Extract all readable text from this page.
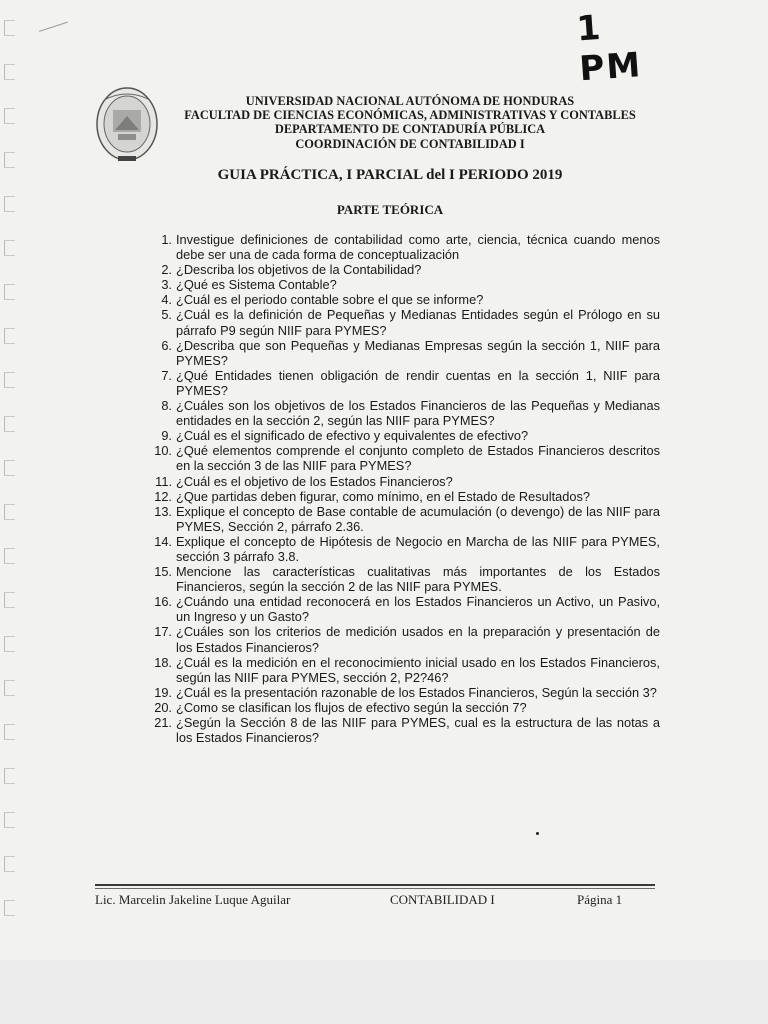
1 PM
UNIVERSIDAD NACIONAL AUTÓNOMA DE HONDURAS
FACULTAD DE CIENCIAS ECONÓMICAS, ADMINISTRATIVAS Y CONTABLES
DEPARTAMENTO DE CONTADURÍA PÚBLICA
COORDINACIÓN DE CONTABILIDAD I
GUIA PRÁCTICA, I PARCIAL del I PERIODO 2019
PARTE TEÓRICA
1. Investigue definiciones de contabilidad como arte, ciencia, técnica cuando menos debe ser una de cada forma de conceptualización
2. ¿Describa los objetivos de la Contabilidad?
3. ¿Qué es Sistema Contable?
4. ¿Cuál es el periodo contable sobre el que se informe?
5. ¿Cuál es la definición de Pequeñas y Medianas Entidades según el Prólogo en su párrafo P9 según NIIF para PYMES?
6. ¿Describa que son Pequeñas y Medianas Empresas según la sección 1, NIIF para PYMES?
7. ¿Qué Entidades tienen obligación de rendir cuentas en la sección 1, NIIF para PYMES?
8. ¿Cuáles son los objetivos de los Estados Financieros de las Pequeñas y Medianas entidades en la sección 2, según las NIIF para PYMES?
9. ¿Cuál es el significado de efectivo y equivalentes de efectivo?
10. ¿Qué elementos comprende el conjunto completo de Estados Financieros descritos en la sección 3 de las NIIF para PYMES?
11. ¿Cuál es el objetivo de los Estados Financieros?
12. ¿Que partidas deben figurar, como mínimo, en el Estado de Resultados?
13. Explique el concepto de Base contable de acumulación (o devengo) de las NIIF para PYMES, Sección 2, párrafo 2.36.
14. Explique el concepto de Hipótesis de Negocio en Marcha de las NIIF para PYMES, sección 3 párrafo 3.8.
15. Mencione las características cualitativas más importantes de los Estados Financieros, según la sección 2 de las NIIF para PYMES.
16. ¿Cuándo una entidad reconocerá en los Estados Financieros un Activo, un Pasivo, un Ingreso y un Gasto?
17. ¿Cuáles son los criterios de medición usados en la preparación y presentación de los Estados Financieros?
18. ¿Cuál es la medición en el reconocimiento inicial usado en los Estados Financieros, según las NIIF para PYMES, sección 2, P2?46?
19. ¿Cuál es la presentación razonable de los Estados Financieros, Según la sección 3?
20. ¿Como se clasifican los flujos de efectivo según la sección 7?
21. ¿Según la Sección 8 de las NIIF para PYMES, cual es la estructura de las notas a los Estados Financieros?
Lic. Marcelin Jakeline Luque Aguilar	CONTABILIDAD I	Página 1
